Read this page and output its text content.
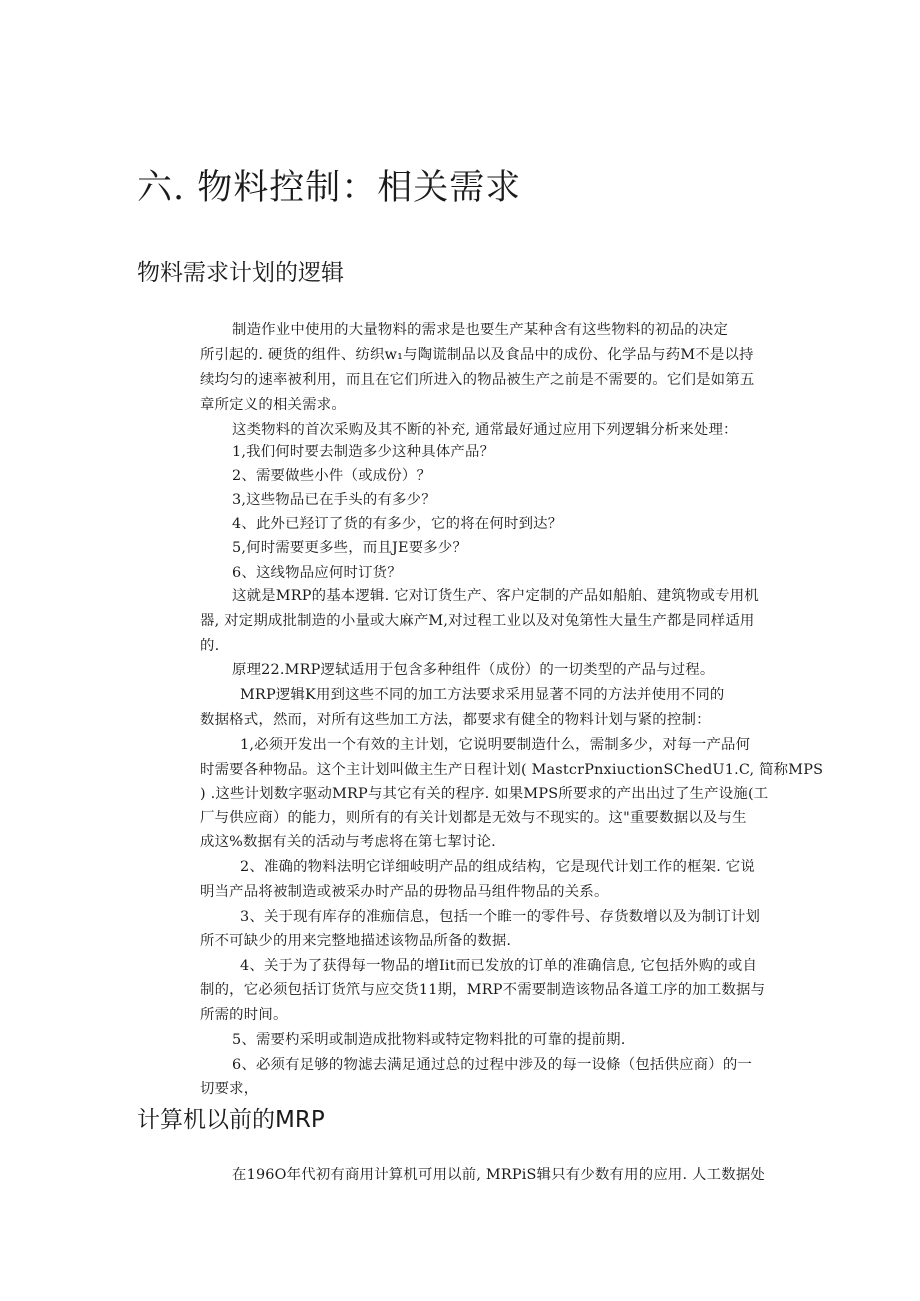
六. 物料控制：相关需求
物料需求计划的逻辑

制造作业中使用的大量物料的需求是也要生产某种含有这些物料的初品的决定

所引起的. 硬货的组件、纺织w₁与陶谎制品以及食品中的成份、化学品与药M不是以持

续均匀的速率被利用，而且在它们所进入的物品被生产之前是不需要的。它们是如第五

章所定义的相关需求。

这类物料的首次采购及其不断的补充, 通常最好通过应用下列逻辑分析来处理：

1,我们何时要去制造多少这种具体产品？

2、需要做些小件（或成份）？

3,这些物品已在手头的有多少？

4、此外已羟订了货的有多少，它的将在何时到达？

5,何时需要更多些，而且JE要多少？

6、这线物品应何时订货？

这就是MRP的基本逻辑. 它对订货生产、客户定制的产品如船舶、建筑物或专用机

器, 对定期成批制造的小量或大麻产M,对过程工业以及对兔第性大量生产都是同样适用

的.

原理22.MRP逻轼适用于包含多种组件（成份）的一切类型的产品与过程。

MRP逻辑K用到这些不同的加工方法要求采用显著不同的方法并使用不同的

数据格式，然而，对所有这些加工方法，都要求有健全的物料计划与紧的控制：

1,必须开发出一个有效的主计划，它说明要制造什么，需制多少，对每一产品何

时需要各种物品。这个主计划叫做主生产日程计划( MastcrPnxiuctionSChedU1.C, 简称MPS

) .这些计划数字驱动MRP与其它有关的程序. 如果MPS所要求的产出出过了生产设施(工

厂与供应商）的能力，则所有的有关计划都是无效与不现实的。这"重要数据以及与生

成这%数据有关的活动与考虑将在第七挈讨论.

2、准确的物料法明它详细岐明产品的组成结构，它是现代计划工作的框架. 它说

明当产品将被制造或被采办时产品的毋物品马组件物品的关系。

3、关于现有库存的准痂信息，包括一个睢一的零件号、存货数增以及为制订计划

所不可缺少的用来完整地描述该物品所备的数据.

4、关于为了获得每一物品的增Iit而已发放的订单的准确信息, 它包括外购的或自

制的，它必须包括订货笊与应交货11期，MRP不需要制造该物品各道工序的加工数据与

所需的时间。

5、需要杓采明或制造成批物料或特定物料批的可靠的提前期.

6、必须有足够的物滤去满足通过总的过程中涉及的每一设條（包括供应商）的一

切要求，

计算机以前的MRP

在196O年代初有商用计算机可用以前, MRPiS辑只有少数有用的应用. 人工数据处
